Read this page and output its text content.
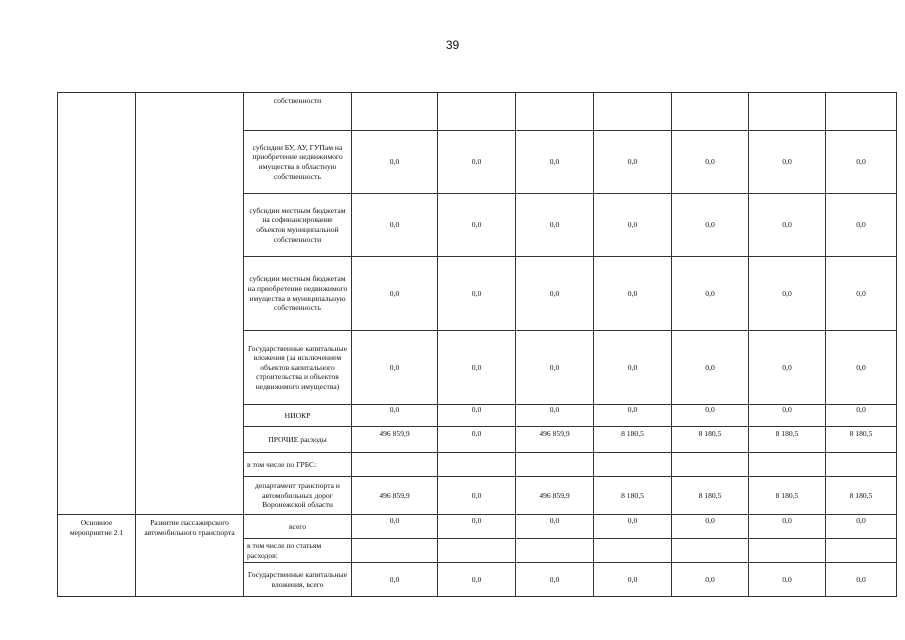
39
		собственности							
		субсидии БУ, АУ, ГУПам на приобретение недвижимого имущества в областную собственность	0,0	0,0	0,0	0,0	0,0	0,0	0,0
		субсидии местным бюджетам на софинансирование объектов муниципальной собственности	0,0	0,0	0,0	0,0	0,0	0,0	0,0
		субсидии местным бюджетам на приобретение недвижимого имущества в муниципальную собственность	0,0	0,0	0,0	0,0	0,0	0,0	0,0
		Государственные капитальные вложения (за исключением объектов капитального строительства и объектов недвижимого имущества)	0,0	0,0	0,0	0,0	0,0	0,0	0,0
		НИОКР	0,0	0,0	0,0	0,0	0,0	0,0	0,0

		ПРОЧИЕ расходы	496 859,9	0,0	496 859,9	8 180,5	8 180,5	8 180,5	8 180,5

		в том числе по ГРБС:							
		департамент транспорта и автомобильных дорог Воронежской области	496 859,9	0,0	496 859,9	8 180,5	8 180,5	8 180,5	8 180,5
Основное мероприятие 2.1	Развитие пассажирского автомобильного транспорта	всего	0,0	0,0	0,0	0,0	0,0	0,0	0,0

		в том числе по статьям расходов:							
		Государственные капитальные вложения, всего	0,0	0,0	0,0	0,0	0,0	0,0	0,0
